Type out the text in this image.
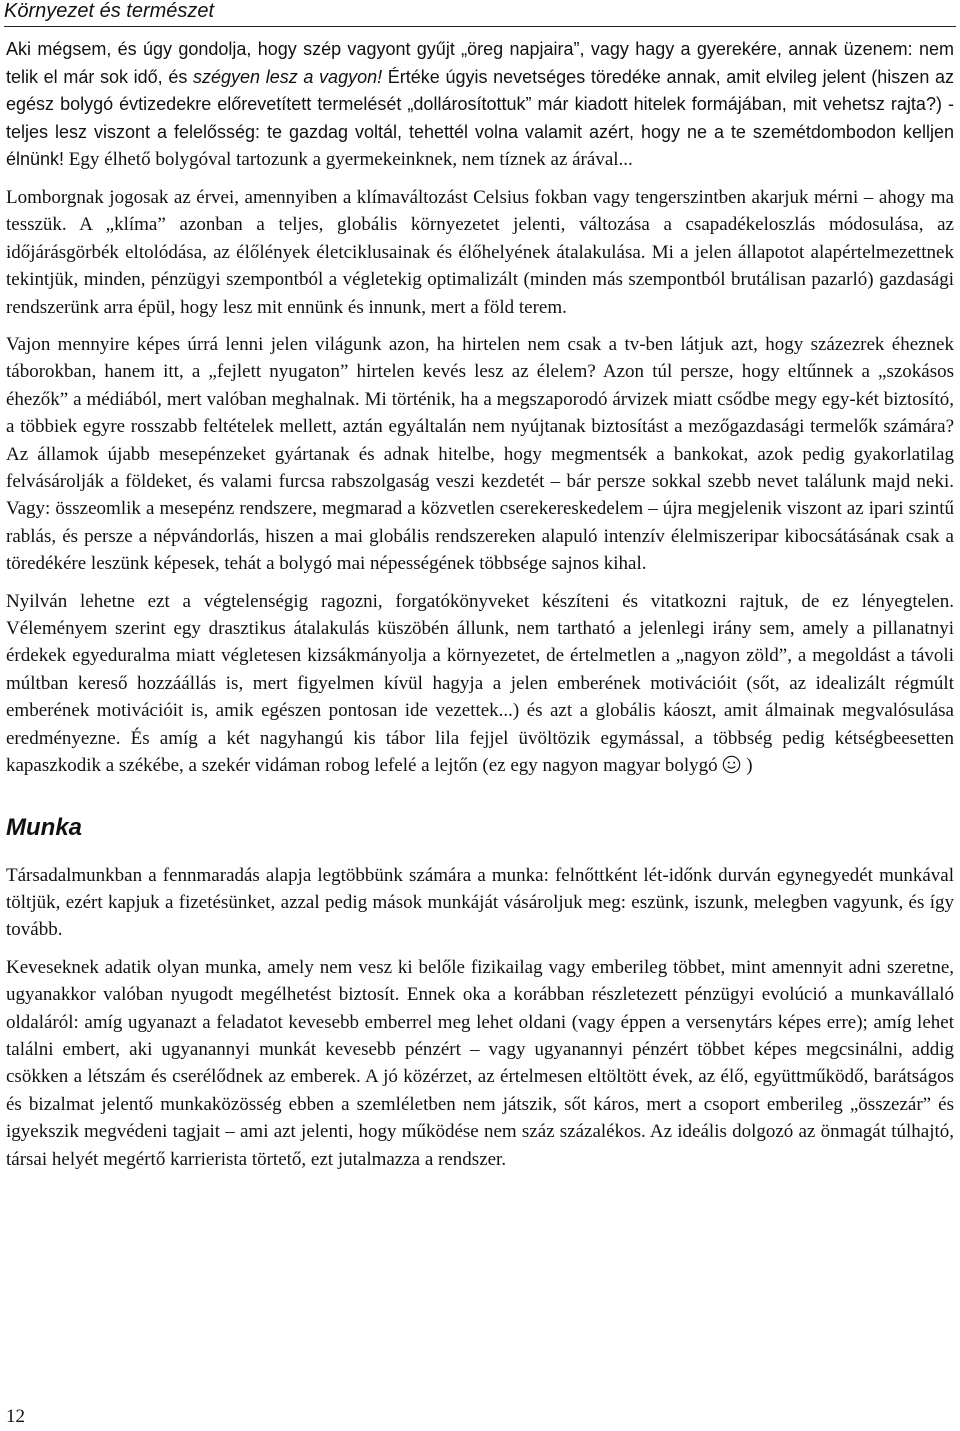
Környezet és természet

Aki mégsem, és úgy gondolja, hogy szép vagyont gyűjt „öreg napjaira”, vagy hagy a gyerekére, annak üzenem: nem telik el már sok idő, és szégyen lesz a vagyon! Értéke úgyis nevetséges töredéke annak, amit elvileg jelent (hiszen az egész bolygó évtizedekre előrevetített termelését „dollárosítottuk” már kiadott hitelek formájában, mit vehetsz rajta?) - teljes lesz viszont a felelősség: te gazdag voltál, tehettél volna valamit azért, hogy ne a te szemétdombodon kelljen élnünk! Egy élhető bolygóval tartozunk a gyermekeinknek, nem tíznek az árával...

Lomborgnak jogosak az érvei, amennyiben a klímaváltozást Celsius fokban vagy tengerszintben akarjuk mérni – ahogy ma tesszük. A „klíma” azonban a teljes, globális környezetet jelenti, változása a csapadékeloszlás módosulása, az időjárásgörbék eltolódása, az élőlények életciklusainak és élőhelyének átalakulása. Mi a jelen állapotot alapértelmezettnek tekintjük, minden, pénzügyi szempontból a végletekig optimalizált (minden más szempontból brutálisan pazarló) gazdasági rendszerünk arra épül, hogy lesz mit ennünk és innunk, mert a föld terem.

Vajon mennyire képes úrrá lenni jelen világunk azon, ha hirtelen nem csak a tv-ben látjuk azt, hogy százezrek éheznek táborokban, hanem itt, a „fejlett nyugaton” hirtelen kevés lesz az élelem? Azon túl persze, hogy eltűnnek a „szokásos éhezők” a médiából, mert valóban meghalnak. Mi történik, ha a megszaporodó árvizek miatt csődbe megy egy-két biztosító, a többiek egyre rosszabb feltételek mellett, aztán egyáltalán nem nyújtanak biztosítást a mezőgazdasági termelők számára? Az államok újabb mesepénzeket gyártanak és adnak hitelbe, hogy megmentsék a bankokat, azok pedig gyakorlatilag felvásárolják a földeket, és valami furcsa rabszolgaság veszi kezdetét – bár persze sokkal szebb nevet találunk majd neki. Vagy: összeomlik a mesepénz rendszere, megmarad a közvetlen cserekereskedelem – újra megjelenik viszont az ipari szintű rablás, és persze a népvándorlás, hiszen a mai globális rendszereken alapuló intenzív élelmiszeripar kibocsátásának csak a töredékére leszünk képesek, tehát a bolygó mai népességének többsége sajnos kihal.

Nyilván lehetne ezt a végtelenségig ragozni, forgatókönyveket készíteni és vitatkozni rajtuk, de ez lényegtelen. Véleményem szerint egy drasztikus átalakulás küszöbén állunk, nem tartható a jelenlegi irány sem, amely a pillanatnyi érdekek egyeduralma miatt végletesen kizsákmányolja a környezetet, de értelmetlen a „nagyon zöld”, a megoldást a távoli múltban kereső hozzáállás is, mert figyelmen kívül hagyja a jelen emberének motivációit (sőt, az idealizált régmúlt emberének motivációit is, amik egészen pontosan ide vezettek...) és azt a globális káoszt, amit álmainak megvalósulása eredményezne. És amíg a két nagyhangú kis tábor lila fejjel üvöltözik egymással, a többség pedig kétségbeesetten kapaszkodik a székébe, a szekér vidáman robog lefelé a lejtőn (ez egy nagyon magyar bolygó  )

Munka

Társadalmunkban a fennmaradás alapja legtöbbünk számára a munka: felnőttként lét-időnk durván egynegyedét munkával töltjük, ezért kapjuk a fizetésünket, azzal pedig mások munkáját vásároljuk meg: eszünk, iszunk, melegben vagyunk, és így tovább.

Keveseknek adatik olyan munka, amely nem vesz ki belőle fizikailag vagy emberileg többet, mint amennyit adni szeretne, ugyanakkor valóban nyugodt megélhetést biztosít. Ennek oka a korábban részletezett pénzügyi evolúció a munkavállaló oldaláról: amíg ugyanazt a feladatot kevesebb emberrel meg lehet oldani (vagy éppen a versenytárs képes erre); amíg lehet találni embert, aki ugyanannyi munkát kevesebb pénzért – vagy ugyanannyi pénzért többet képes megcsinálni, addig csökken a létszám és cserélődnek az emberek. A jó közérzet, az értelmesen eltöltött évek, az élő, együttműködő, barátságos és bizalmat jelentő munkaközösség ebben a szemléletben nem játszik, sőt káros, mert a csoport emberileg „összezár” és igyekszik megvédeni tagjait – ami azt jelenti, hogy működése nem száz százalékos. Az ideális dolgozó az önmagát túlhajtó, társai helyét megértő karrierista törtető, ezt jutalmazza a rendszer.

12
